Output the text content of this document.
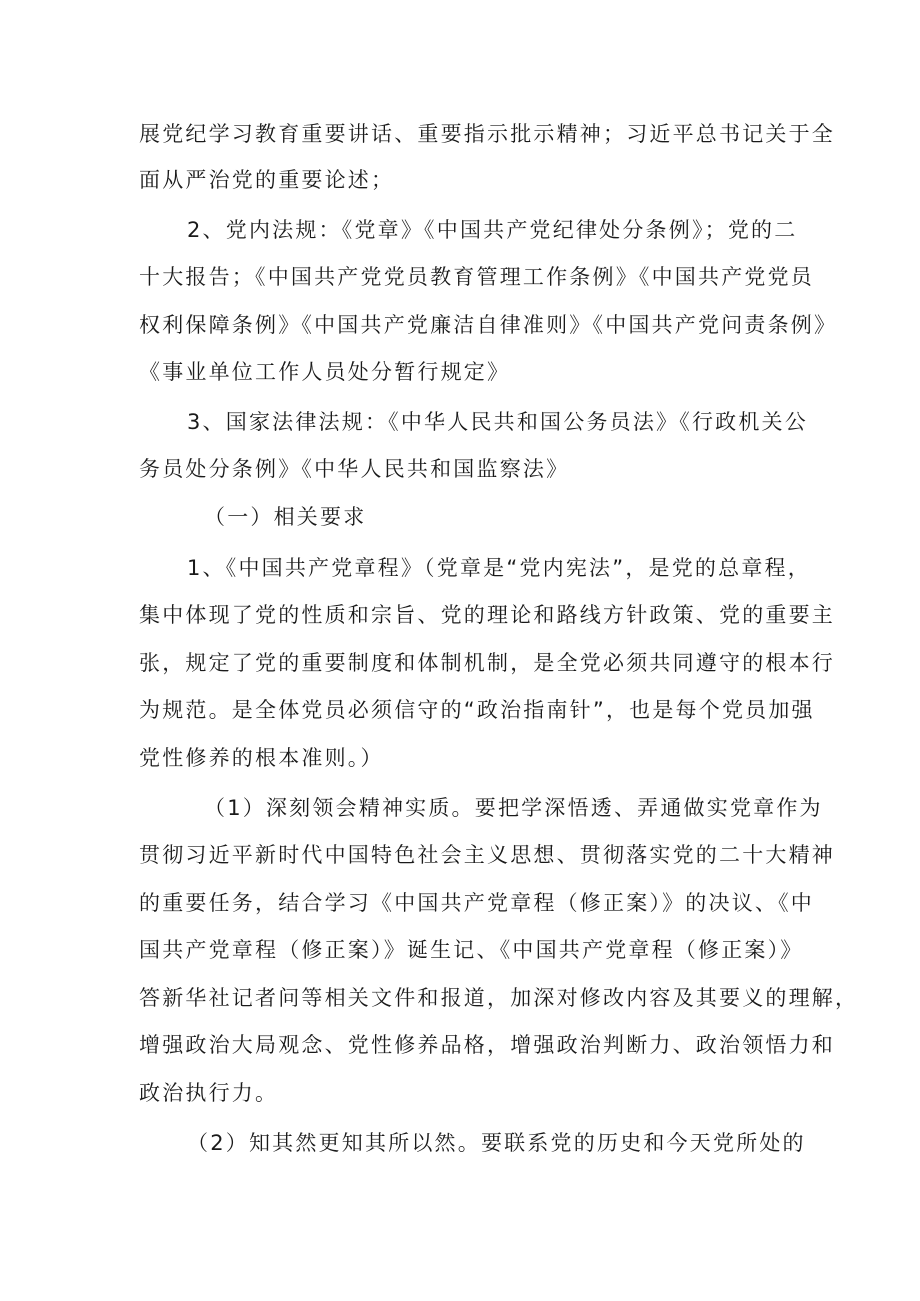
展党纪学习教育重要讲话、重要指示批示精神；习近平总书记关于全
面从严治党的重要论述；
2、党内法规：《党章》《中国共产党纪律处分条例》；党的二
十大报告；《中国共产党党员教育管理工作条例》《中国共产党党员
权利保障条例》《中国共产党廉洁自律准则》《中国共产党问责条例》
《事业单位工作人员处分暂行规定》
3、国家法律法规：《中华人民共和国公务员法》《行政机关公
务员处分条例》《中华人民共和国监察法》
（一）相关要求
1、《中国共产党章程》（党章是“党内宪法”，是党的总章程，
集中体现了党的性质和宗旨、党的理论和路线方针政策、党的重要主
张，规定了党的重要制度和体制机制，是全党必须共同遵守的根本行
为规范。是全体党员必须信守的“政治指南针”，也是每个党员加强
党性修养的根本准则。）
（1）深刻领会精神实质。要把学深悟透、弄通做实党章作为
贯彻习近平新时代中国特色社会主义思想、贯彻落实党的二十大精神
的重要任务，结合学习《中国共产党章程（修正案）》的决议、《中
国共产党章程（修正案）》诞生记、《中国共产党章程（修正案）》
答新华社记者问等相关文件和报道，加深对修改内容及其要义的理解，
增强政治大局观念、党性修养品格，增强政治判断力、政治领悟力和
政治执行力。
（2）知其然更知其所以然。要联系党的历史和今天党所处的
